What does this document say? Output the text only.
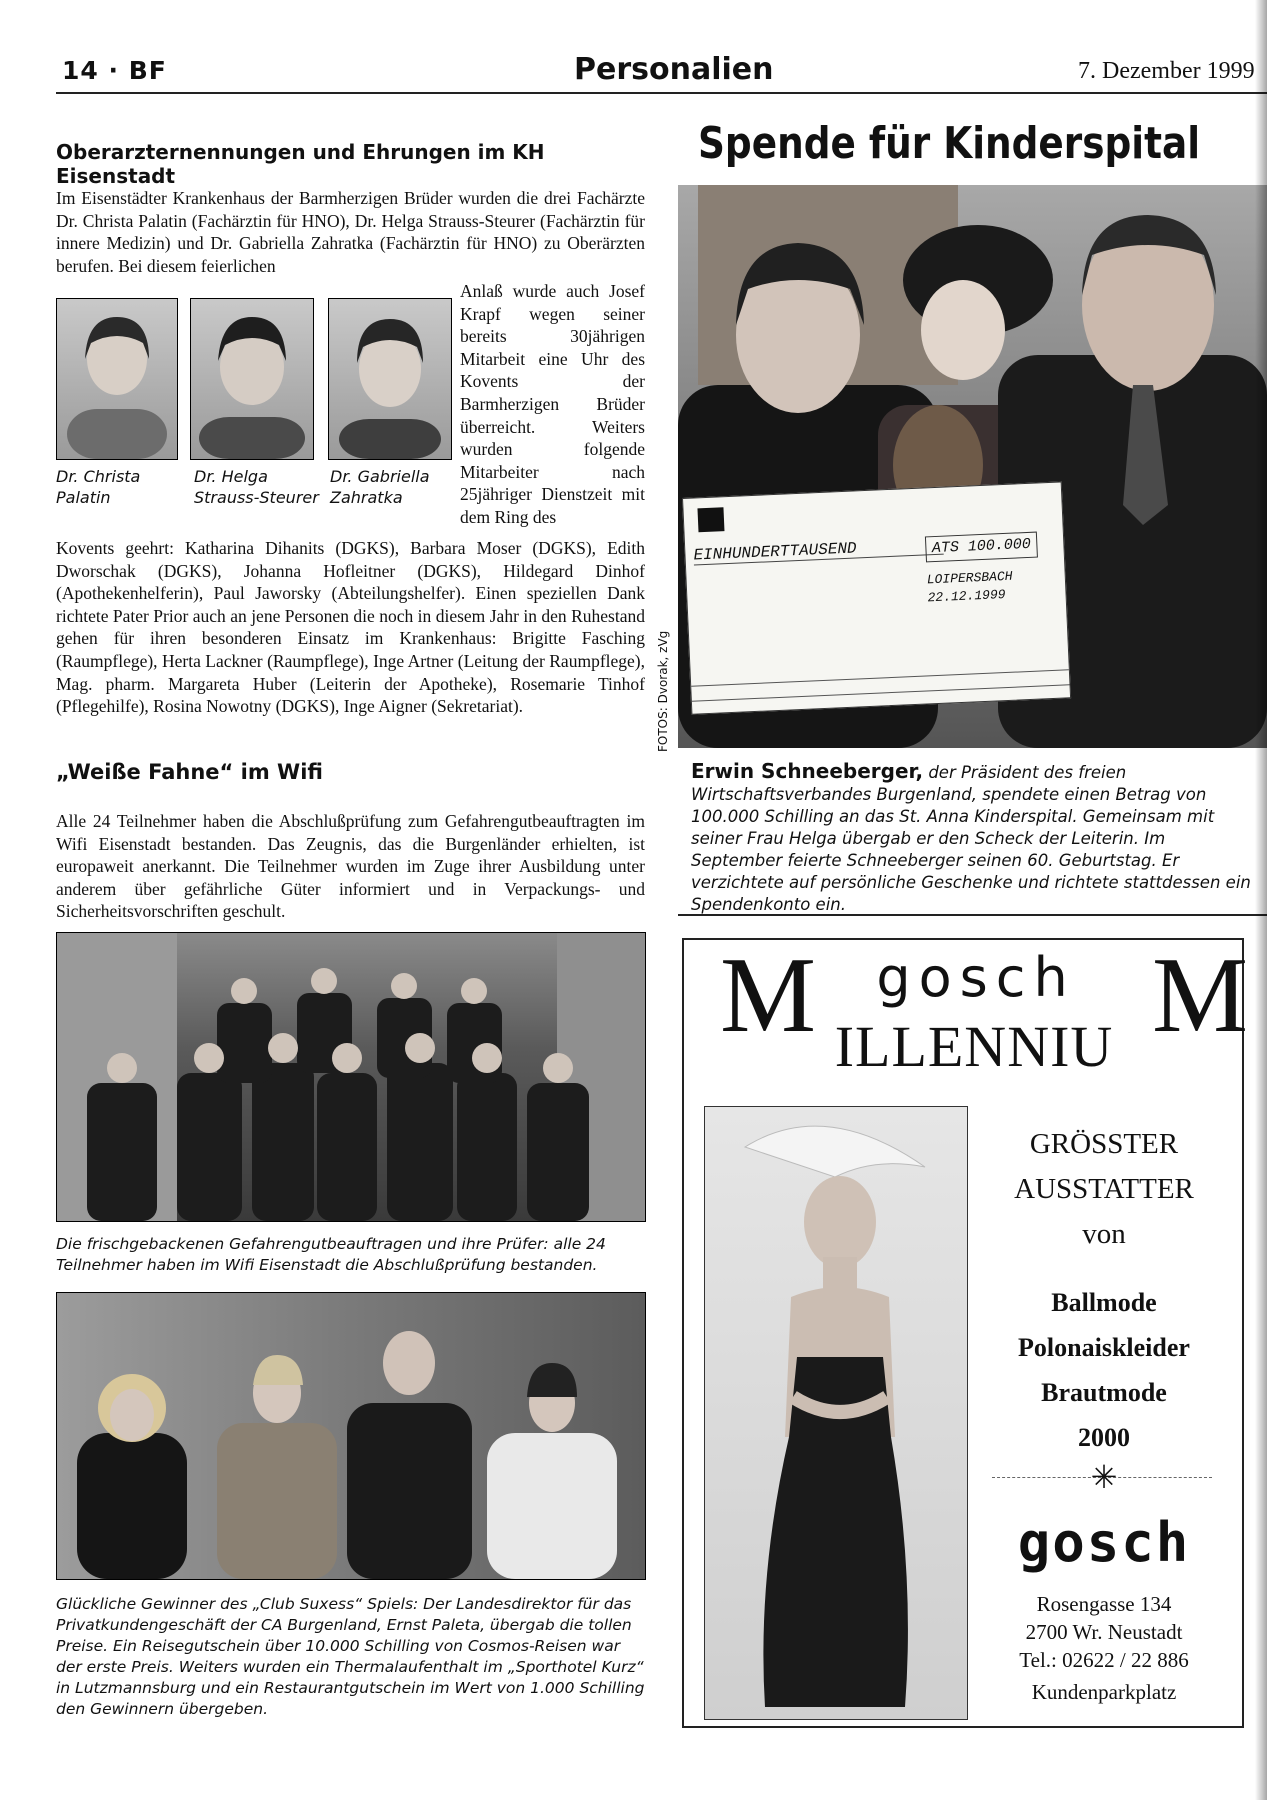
14 · BF	Personalien	7. Dezember 1999
Oberarzternennungen und Ehrungen im KH Eisenstadt
Im Eisenstädter Krankenhaus der Barmherzigen Brüder wurden die drei Fachärzte Dr. Christa Palatin (Fachärztin für HNO), Dr. Helga Strauss-Steurer (Fachärztin für innere Medizin) und Dr. Gabriella Zahratka (Fachärztin für HNO) zu Oberärzten berufen. Bei diesem feierlichen
Dr. Christa
Palatin
Dr. Helga
Strauss-Steurer
Dr. Gabriella
Zahratka
Anlaß wurde auch Josef Krapf wegen seiner bereits 30jährigen Mitarbeit eine Uhr des Kovents der Barmherzigen Brüder überreicht. Weiters wurden folgende Mitarbeiter nach 25jähriger Dienstzeit mit dem Ring des
Kovents geehrt: Katharina Dihanits (DGKS), Barbara Moser (DGKS), Edith Dworschak (DGKS), Johanna Hofleitner (DGKS), Hildegard Dinhof (Apothekenhelferin), Paul Jaworsky (Abteilungshelfer). Einen speziellen Dank richtete Pater Prior auch an jene Personen die noch in diesem Jahr in den Ruhestand gehen für ihren besonderen Einsatz im Krankenhaus: Brigitte Fasching (Raumpflege), Herta Lackner (Raumpflege), Inge Artner (Leitung der Raumpflege), Mag. pharm. Margareta Huber (Leiterin der Apotheke), Rosemarie Tinhof (Pflegehilfe), Rosina Nowotny (DGKS), Inge Aigner (Sekretariat).
„Weiße Fahne“ im Wifi
Alle 24 Teilnehmer haben die Abschlußprüfung zum Gefahrengutbeauftragten im Wifi Eisenstadt bestanden. Das Zeugnis, das die Burgenländer erhielten, ist europaweit anerkannt. Die Teilnehmer wurden im Zuge ihrer Ausbildung unter anderem über gefährliche Güter informiert und in Verpackungs- und Sicherheitsvorschriften geschult.
Die frischgebackenen Gefahrengutbeauftragen und ihre Prüfer: alle 24 Teilnehmer haben im Wifi Eisenstadt die Abschlußprüfung bestanden.
Glückliche Gewinner des „Club Suxess“ Spiels: Der Landesdirektor für das Privatkundengeschäft der CA Burgenland, Ernst Paleta, übergab die tollen Preise. Ein Reisegutschein über 10.000 Schilling von Cosmos-Reisen war der erste Preis. Weiters wurden ein Thermalaufenthalt im „Sporthotel Kurz“ in Lutzmannsburg und ein Restaurantgutschein im Wert von 1.000 Schilling den Gewinnern übergeben.
Spende für Kinderspital
EINHUNDERTTAUSEND	ATS 100.000
LOIPERSBACH
22.12.1999
FOTOS: Dvorak, zVg
Erwin Schneeberger, der Präsident des freien Wirtschaftsverbandes Burgenland, spendete einen Betrag von 100.000 Schilling an das St. Anna Kinderspital. Gemeinsam mit seiner Frau Helga übergab er den Scheck der Leiterin. Im September feierte Schneeberger seinen 60. Geburtstag. Er verzichtete auf persönliche Geschenke und richtete stattdessen ein Spendenkonto ein.
M	M
gosch
ILLENNIU
GRÖSSTER
AUSSTATTER
von
Ballmode
Polonaiskleider
Brautmode
2000
✳
gosch
Rosengasse 134
2700 Wr. Neustadt
Tel.: 02622 / 22 886
Kundenparkplatz
